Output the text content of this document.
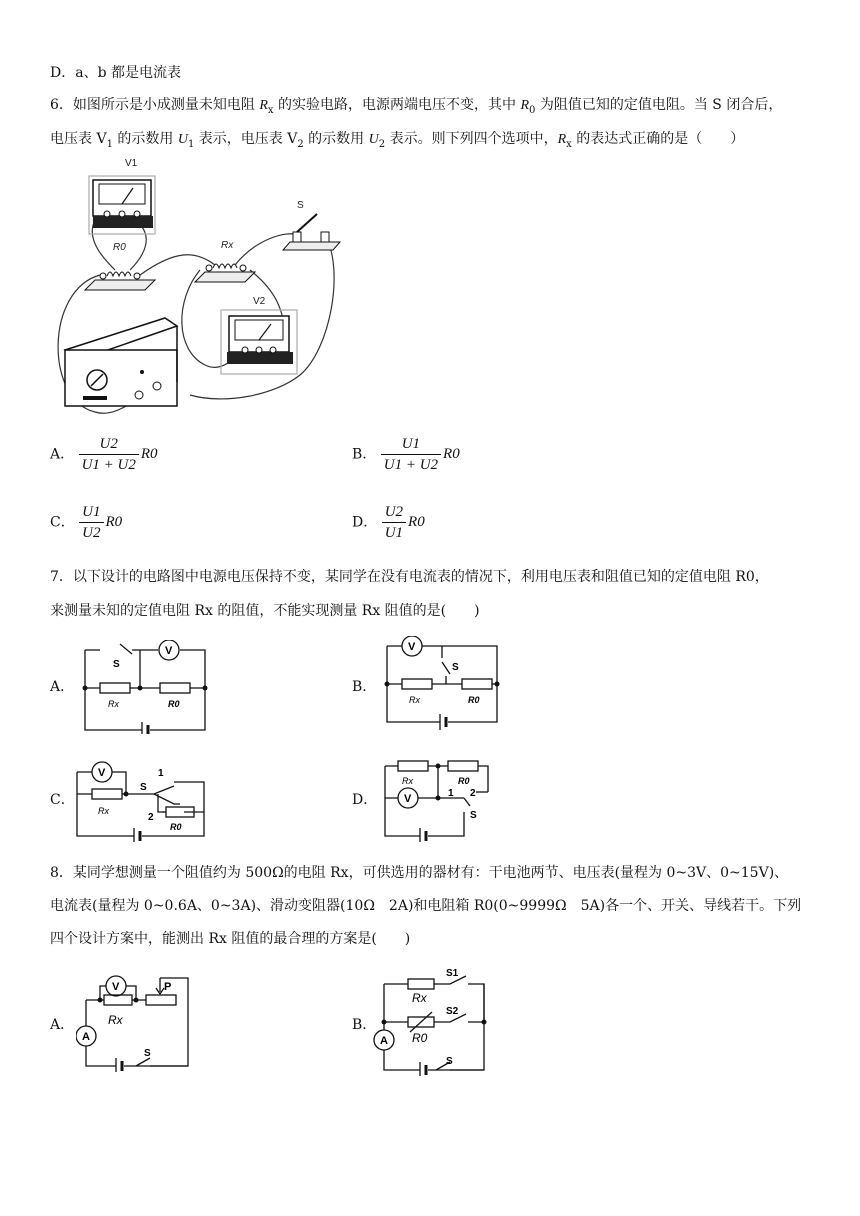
D．a、b 都是电流表
6．如图所示是小成测量未知电阻 $R_x$ 的实验电路，电源两端电压不变，其中 $R_0$ 为阻值已知的定值电阻。当 S 闭合后，
电压表 $V_1$ 的示数用 $U_1$ 表示，电压表 $V_2$ 的示数用 $U_2$ 表示。则下列四个选项中，$R_x$ 的表达式正确的是（　　）
V1
R0	Rx
S
V2
A． $\frac{U2}{U1 + U2} R0$	B． $\frac{U1}{U1 + U2} R0$
C． $\frac{U1}{U2} R0$	D． $\frac{U2}{U1} R0$
7．以下设计的电路图中电源电压保持不变，某同学在没有电流表的情况下，利用电压表和阻值已知的定值电阻 R0，
来测量未知的定值电阻 Rx 的阻值，不能实现测量 Rx 阻值的是(　　)
A．
V
S
Rx	R0
B．
V
S
Rx	R0
C．
V
S
1
2
Rx
R0
D． V
Rx	R0
1 2
S
8．某同学想测量一个阻值约为 500Ω的电阻 Rx，可供选用的器材有：干电池两节、电压表(量程为 0~3V、0~15V)、
电流表(量程为 0~0.6A、0~3A)、滑动变阻器(10Ω　2A)和电阻箱 R0(0~9999Ω　5A)各一个、开关、导线若干。下列
四个设计方案中，能测出 Rx 阻值的最合理的方案是(　　)
A．
V
A
P
Rx
S
B．
A
S1
S2
S
Rx
R0
